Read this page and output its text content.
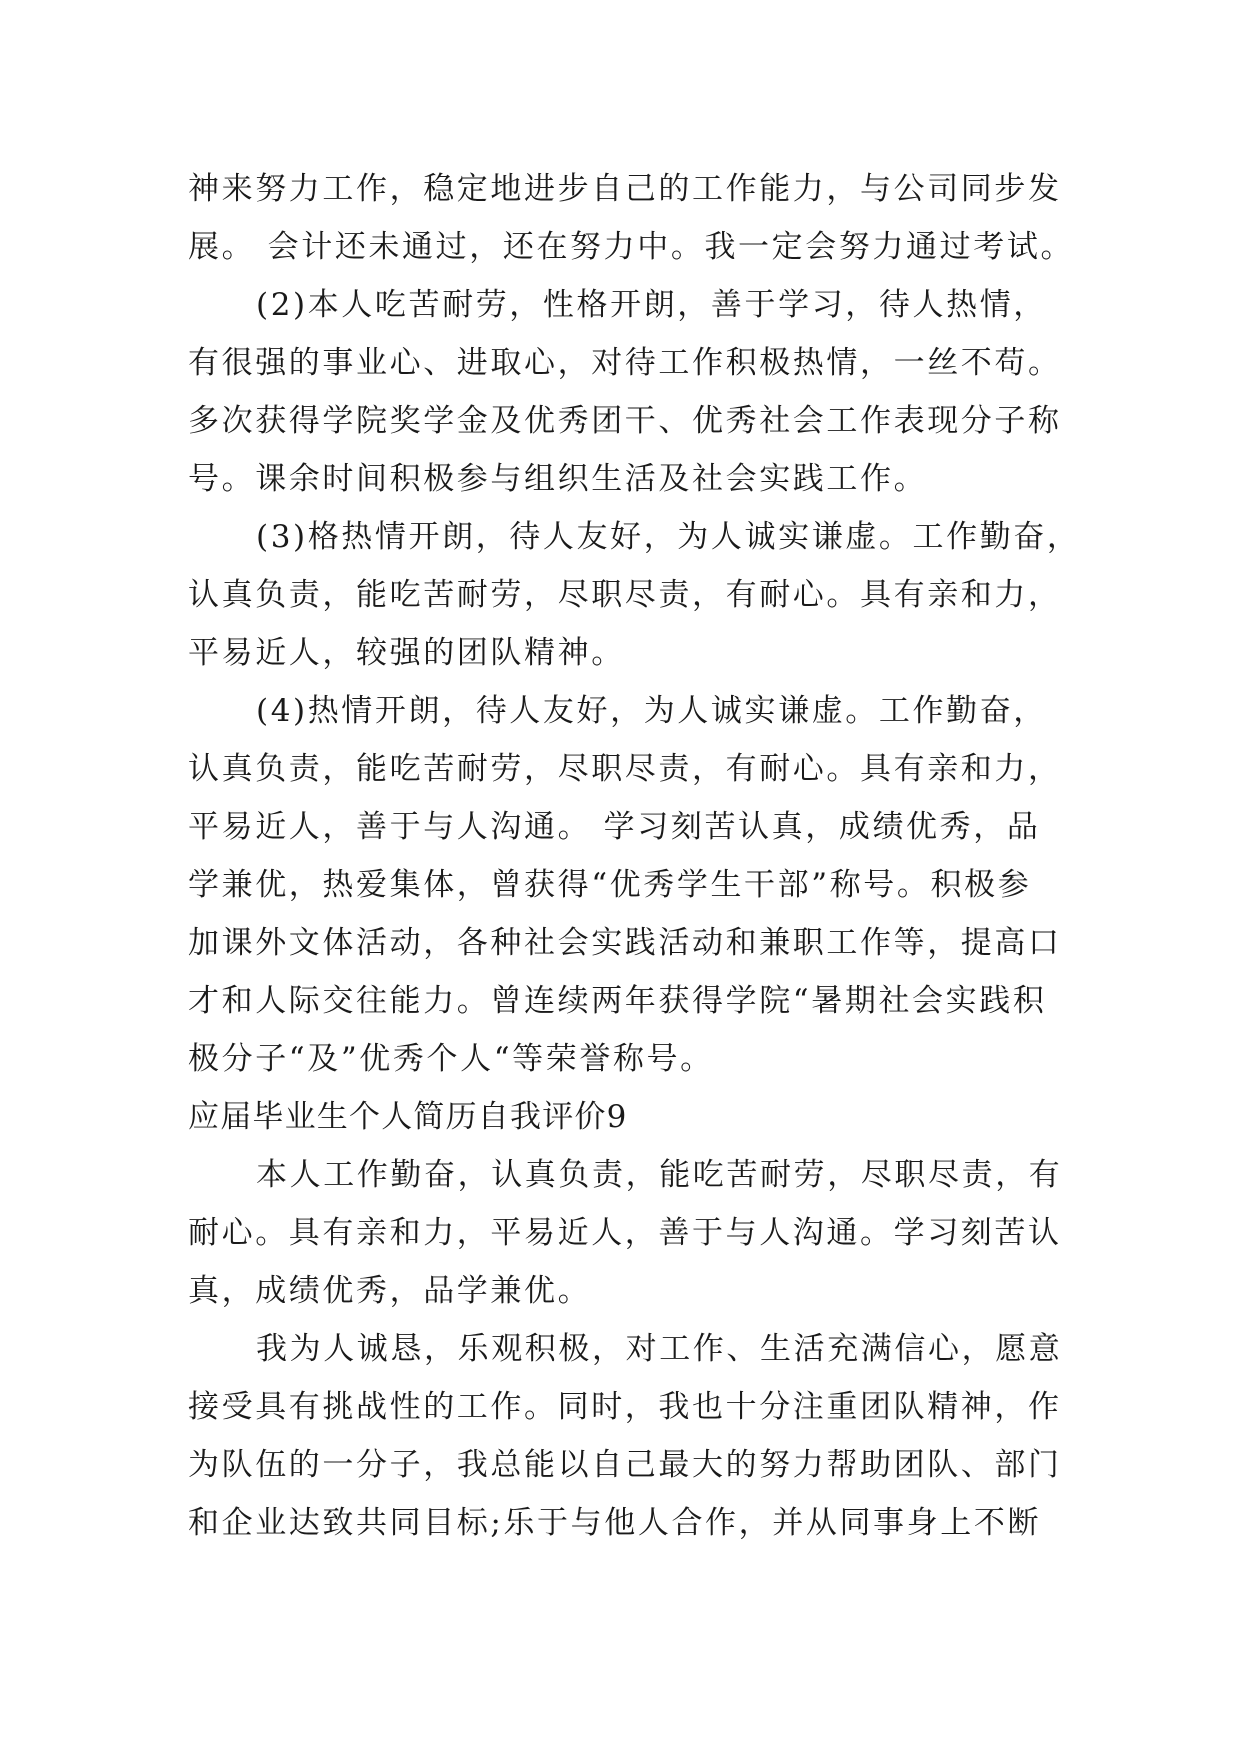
神来努力工作，稳定地进步自己的工作能力，与公司同步发

展。 会计还未通过，还在努力中。我一定会努力通过考试。

(2)本人吃苦耐劳，性格开朗，善于学习，待人热情，

有很强的事业心、进取心，对待工作积极热情，一丝不苟。

多次获得学院奖学金及优秀团干、优秀社会工作表现分子称

号。课余时间积极参与组织生活及社会实践工作。

(3)格热情开朗，待人友好，为人诚实谦虚。工作勤奋，

认真负责，能吃苦耐劳，尽职尽责，有耐心。具有亲和力，

平易近人，较强的团队精神。

(4)热情开朗，待人友好，为人诚实谦虚。工作勤奋，

认真负责，能吃苦耐劳，尽职尽责，有耐心。具有亲和力，

平易近人，善于与人沟通。 学习刻苦认真，成绩优秀，品

学兼优，热爱集体，曾获得“优秀学生干部”称号。积极参

加课外文体活动，各种社会实践活动和兼职工作等，提高口

才和人际交往能力。曾连续两年获得学院“暑期社会实践积

极分子“及”优秀个人“等荣誉称号。

应届毕业生个人简历自我评价9

本人工作勤奋，认真负责，能吃苦耐劳，尽职尽责，有

耐心。具有亲和力，平易近人，善于与人沟通。学习刻苦认

真，成绩优秀，品学兼优。

我为人诚恳，乐观积极，对工作、生活充满信心，愿意

接受具有挑战性的工作。同时，我也十分注重团队精神，作

为队伍的一分子，我总能以自己最大的努力帮助团队、部门

和企业达致共同目标;乐于与他人合作，并从同事身上不断
